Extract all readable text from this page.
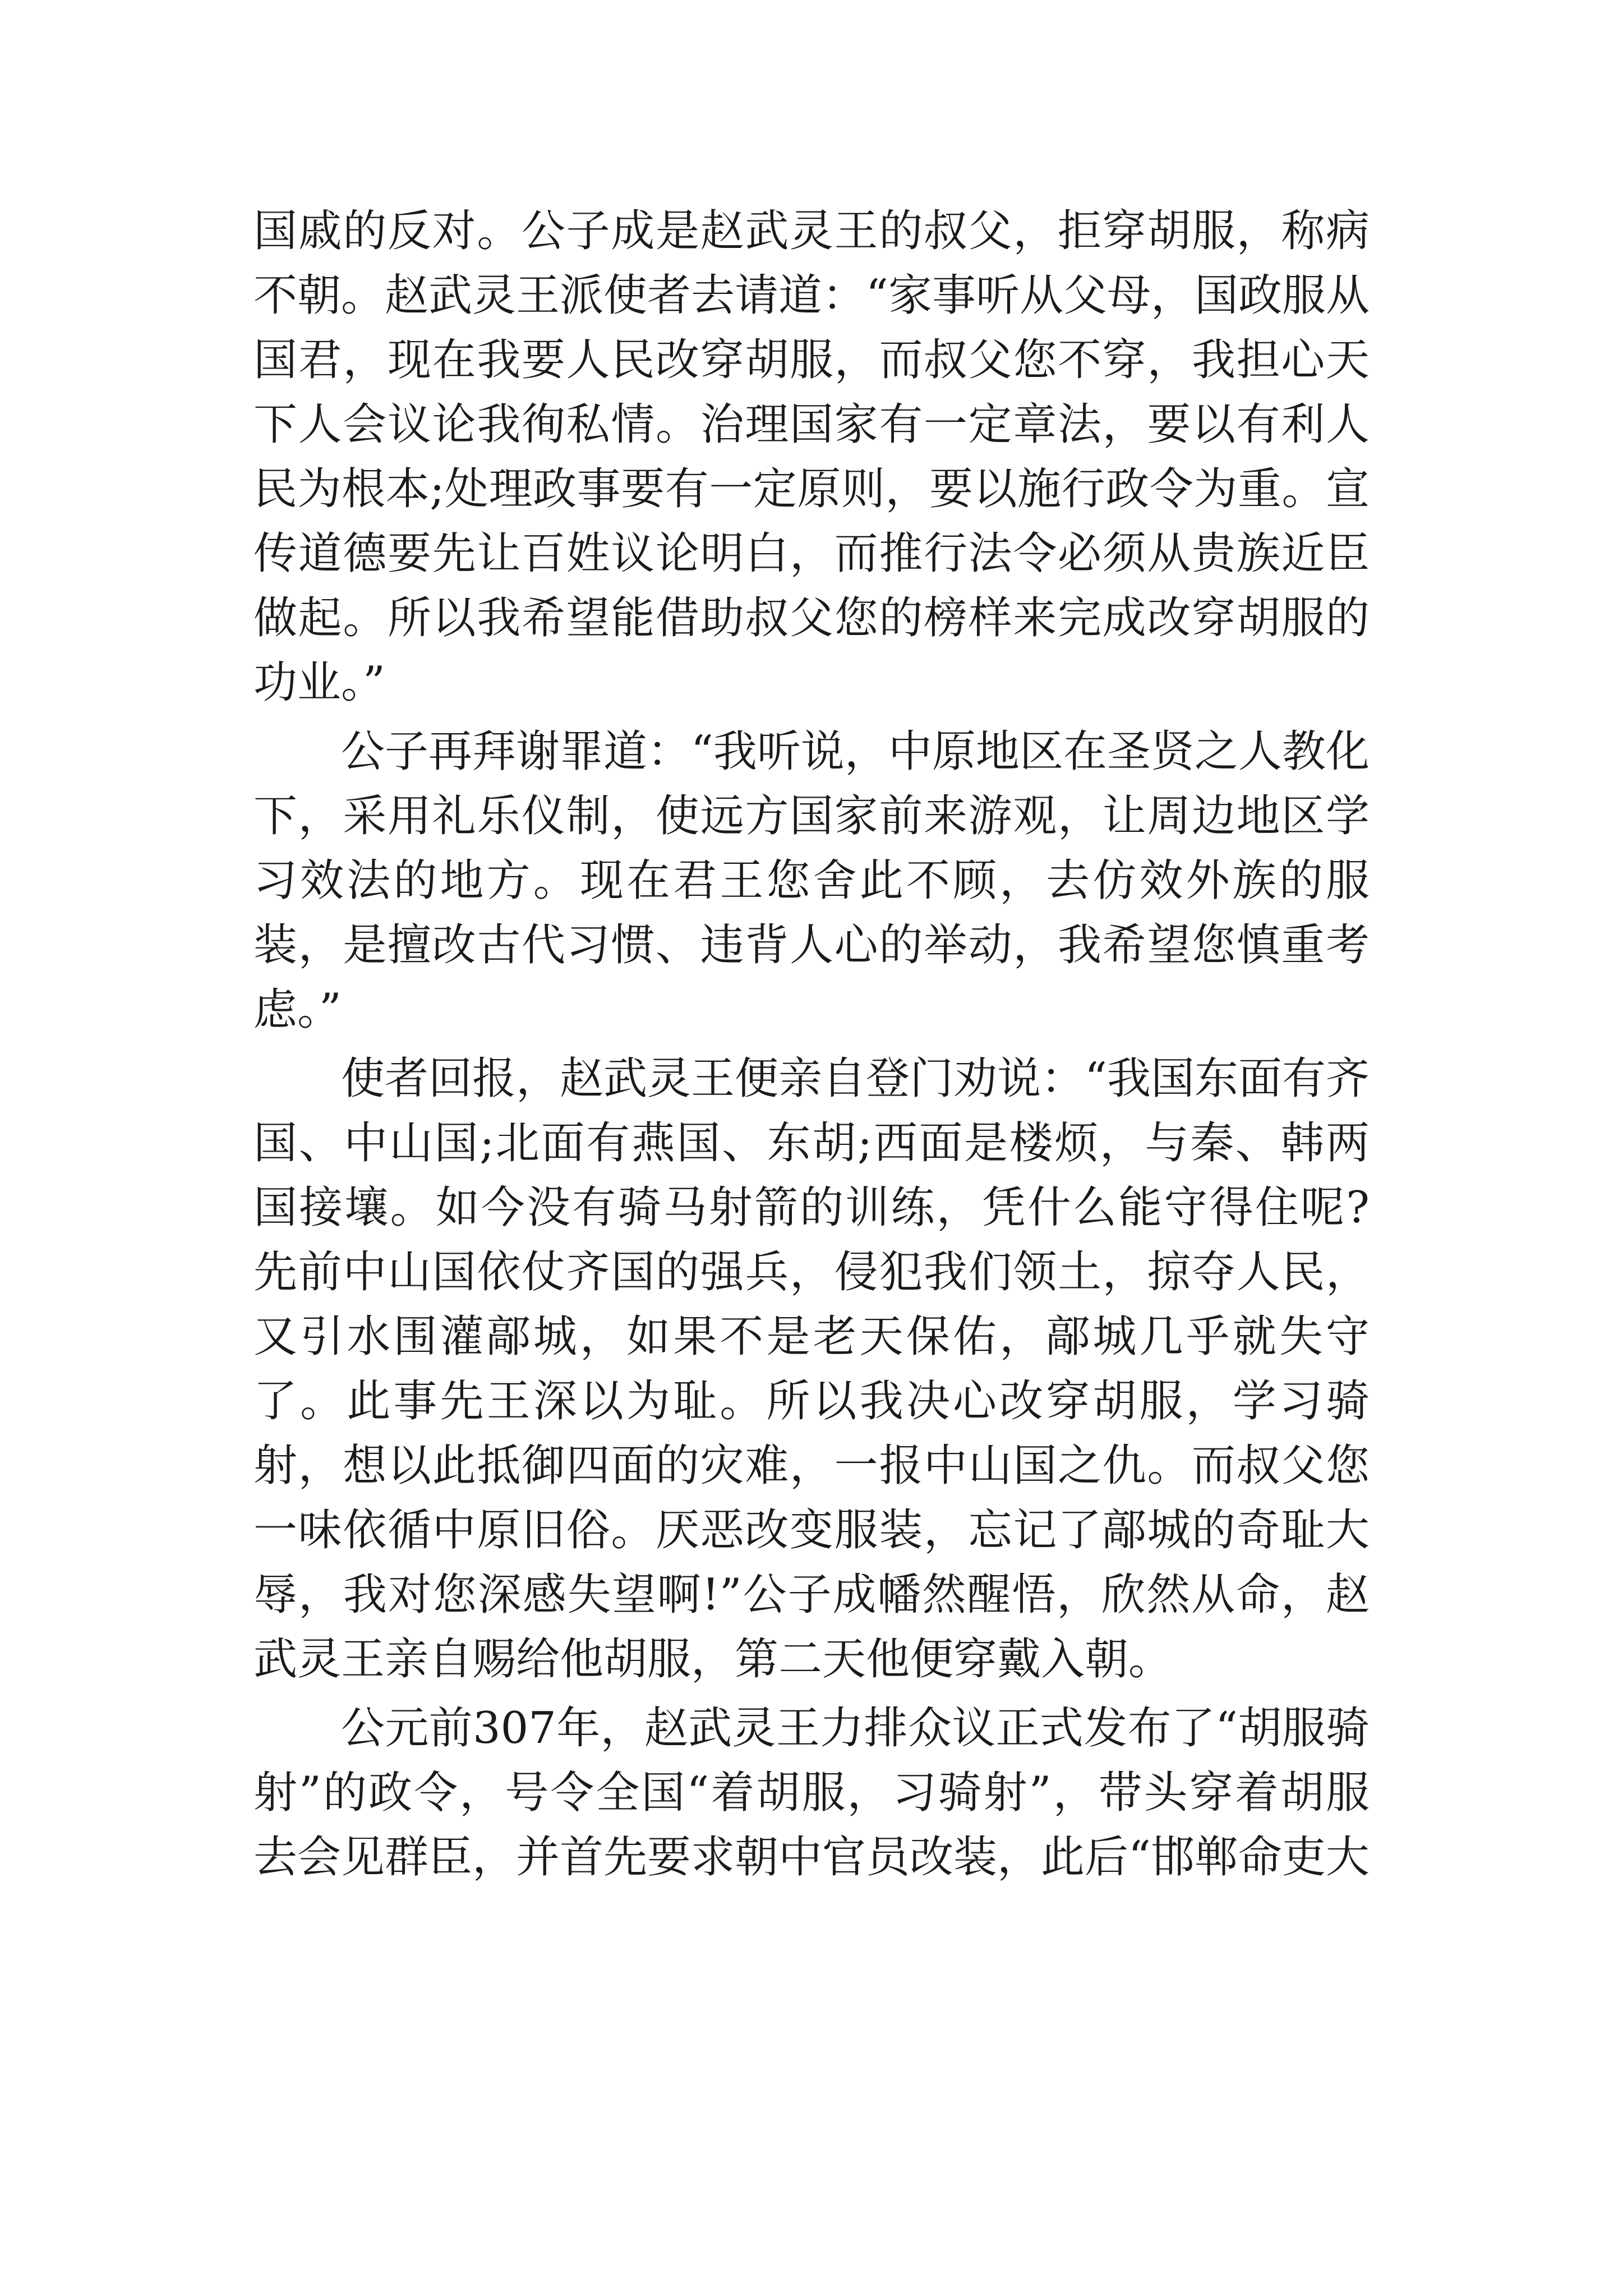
国戚的反对。公子成是赵武灵王的叔父，拒穿胡服，称病不朝。赵武灵王派使者去请道：“家事听从父母，国政服从国君，现在我要人民改穿胡服，而叔父您不穿，我担心天下人会议论我徇私情。治理国家有一定章法，要以有利人民为根本;处理政事要有一定原则，要以施行政令为重。宣传道德要先让百姓议论明白，而推行法令必须从贵族近臣做起。所以我希望能借助叔父您的榜样来完成改穿胡服的功业。”

公子再拜谢罪道：“我听说，中原地区在圣贤之人教化下，采用礼乐仪制，使远方国家前来游观，让周边地区学习效法的地方。现在君王您舍此不顾，去仿效外族的服装，是擅改古代习惯、违背人心的举动，我希望您慎重考虑。”

使者回报，赵武灵王便亲自登门劝说：“我国东面有齐国、中山国;北面有燕国、东胡;西面是楼烦，与秦、韩两国接壤。如今没有骑马射箭的训练，凭什么能守得住呢?先前中山国依仗齐国的强兵，侵犯我们领土，掠夺人民，又引水围灌鄗城，如果不是老天保佑，鄗城几乎就失守了。此事先王深以为耻。所以我决心改穿胡服，学习骑射，想以此抵御四面的灾难，一报中山国之仇。而叔父您一味依循中原旧俗。厌恶改变服装，忘记了鄗城的奇耻大辱，我对您深感失望啊!”公子成幡然醒悟，欣然从命，赵武灵王亲自赐给他胡服，第二天他便穿戴入朝。

公元前307年，赵武灵王力排众议正式发布了“胡服骑射”的政令，号令全国“着胡服，习骑射”，带头穿着胡服去会见群臣，并首先要求朝中官员改装，此后“邯郸命吏大
